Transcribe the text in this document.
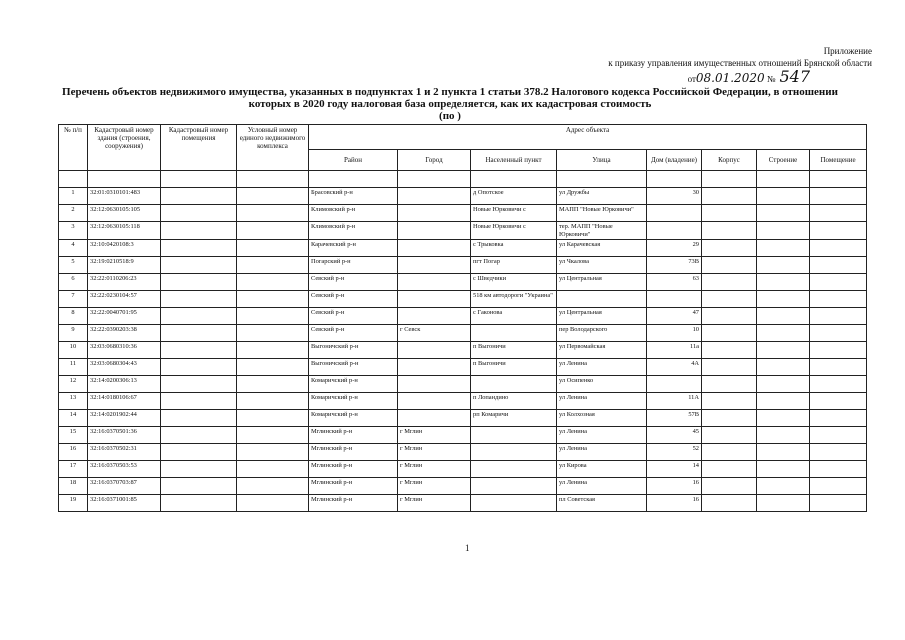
Приложение
к приказу управления имущественных отношений Брянской области
от08.01.2020 № 547
Перечень объектов недвижимого имущества, указанных в подпунктах 1 и 2 пункта 1 статьи 378.2 Налогового кодекса Российской Федерации, в отношении
которых в 2020 году налоговая база определяется, как их кадастровая стоимость
(по )
№ п/п	Кадастровый номер здания (строения, сооружения)	Кадастровый номер помещения	Условный номер единого недвижимого комплекса	Адрес объекта							
				Район	Город	Населенный пункт	Улица	Дом (владение)	Корпус	Строение	Помещение

1	32:01:0310101:483			Брасовский р-н		д Опотское	ул Дружбы	30			
2	32:12:0630105:105			Климовский р-н		Новые Юрковичи с	МАПП "Новые Юрковичи"				
3	32:12:0630105:118			Климовский р-н		Новые Юрковичи с	тер. МАПП "Новые Юрковичи"				
4	32:10:0420108:3			Карачевский р-н		с Трыковка	ул Карачевская	29			
5	32:19:0210518:9			Погарский р-н		пгт Погар	ул Чкалова	73В			
6	32:22:0110206:23			Севский р-н		с Шведчики	ул Центральная	63			
7	32:22:0230104:57			Севский р-н		518 км автодороги "Украина"					
8	32:22:0040701:95			Севский р-н		с Гаконова	ул Центральная	47			
9	32:22:0390203:38			Севский р-н	г Севск		пер Володарского	10			
10	32:03:0680310:36			Выгоничский р-н		п Выгоничи	ул Первомайская	11а			
11	32:03:0680304:43			Выгоничский р-н		п Выгоничи	ул Ленина	4А			
12	32:14:0200306:13			Комаричский р-н			ул Осипенко				
13	32:14:0180106:67			Комаричский р-н		п Лопандино	ул Ленина	11А			
14	32:14:0201902:44			Комаричский р-н		рп Комаричи	ул Колхозная	57В			
15	32:16:0370501:36			Мглинский р-н	г Мглин		ул Ленина	45			
16	32:16:0370502:31			Мглинский р-н	г Мглин		ул Ленина	52			
17	32:16:0370503:53			Мглинский р-н	г Мглин		ул Кирова	14			
18	32:16:0370703:87			Мглинский р-н	г Мглин		ул Ленина	16			
19	32:16:0371001:85			Мглинский р-н	г Мглин		пл Советская	16			
1
